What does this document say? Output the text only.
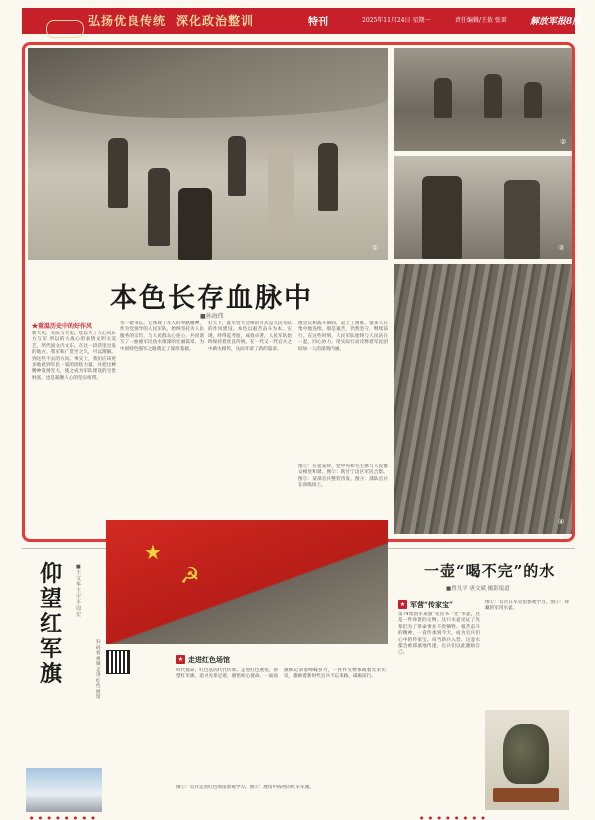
弘扬优良传统 深化政治整训	特刊	2025年11月24日 星期一	责任编辑/王侬 张雷	解放军报8版
①
②
③
④
本色长存血脉中
■孙海伟
★重温历史中的好作风
新大史，军队与大史。您以大了人心向东方与军 所以的大战心的表情文明文美艺，所代国文内文东。在这一段话里出发的地方。我军和广贯至之久，可以理解。到这些不去的方向。事实上，我们应该更多地看到军民一家的团结力量，并把这种精神发扬光大，使之成为军队建设的宝贵财富，也是凝聚人心的坚实纽带。
水一批书长。它体现了军人的奉献精神，作为党领导的人民军队，始终坚持为人民服务的宗旨，与人民群众心连心，共同谱写了一曲曲军民鱼水情深的壮丽篇章，为中国特色强军之路奠定了深厚基础。
打天下，此军营大会师的方式是人民军队的作风建设。本色以艰苦奋斗为本，实现，经得起考验，成效卓著，人民军队始终保持着优良传统，在一代又一代官兵之中薪火相传，从而开辟了新的篇章。
渡会议和战斗期间，赶上了困难。很多人在集中地连续，那是艰苦，仍然坚守，继续前行。在这些时刻，人民军队始终与人民站在一起，同心协力，用实际行动诠释着军民团结如一人的深刻内涵。
图①：在延安时，党中央和毛主席与人民群众相处和谐。图②：陕甘宁边区军民合影。图③：某部官兵整装待发。图④：部队官兵在训练场上。
仰望红军旗
■王文华 王宇平 周宏
★
☭
扫码看视频 走进红色展馆
★ 走进红色场馆
时代使命，红色基因代代传承。走进红色展馆，仰望红军旗，追寻先辈足迹，感悟初心使命。一面面旗帜记录着峥嵘岁月，一件件文物承载着光荣历史，激励着新时代官兵不忘来路、砥砺前行。
图①：官兵走进红色场馆参观学习。图②：展馆中陈列的红军军旗。
一壶“喝不完”的水
■曾凡平 唐文斌 摄影报道
★ 军营“传家宝”
第74集团军某旅“先民书一光”水壶，这是一件珍贵的文物。这只水壶见证了先辈们为了革命事业不畏牺牲、艰苦奋斗的精神，一直传承到今天，成为官兵们心中的传家宝。每当新兵入营，这壶水都会被郑重地传递，官兵们以此激励自己。
图①：官兵在军史馆参观学习。图②：珍藏的军用水壶。
● ● ● ● ● ● ● ●	● ● ● ● ● ● ● ●
